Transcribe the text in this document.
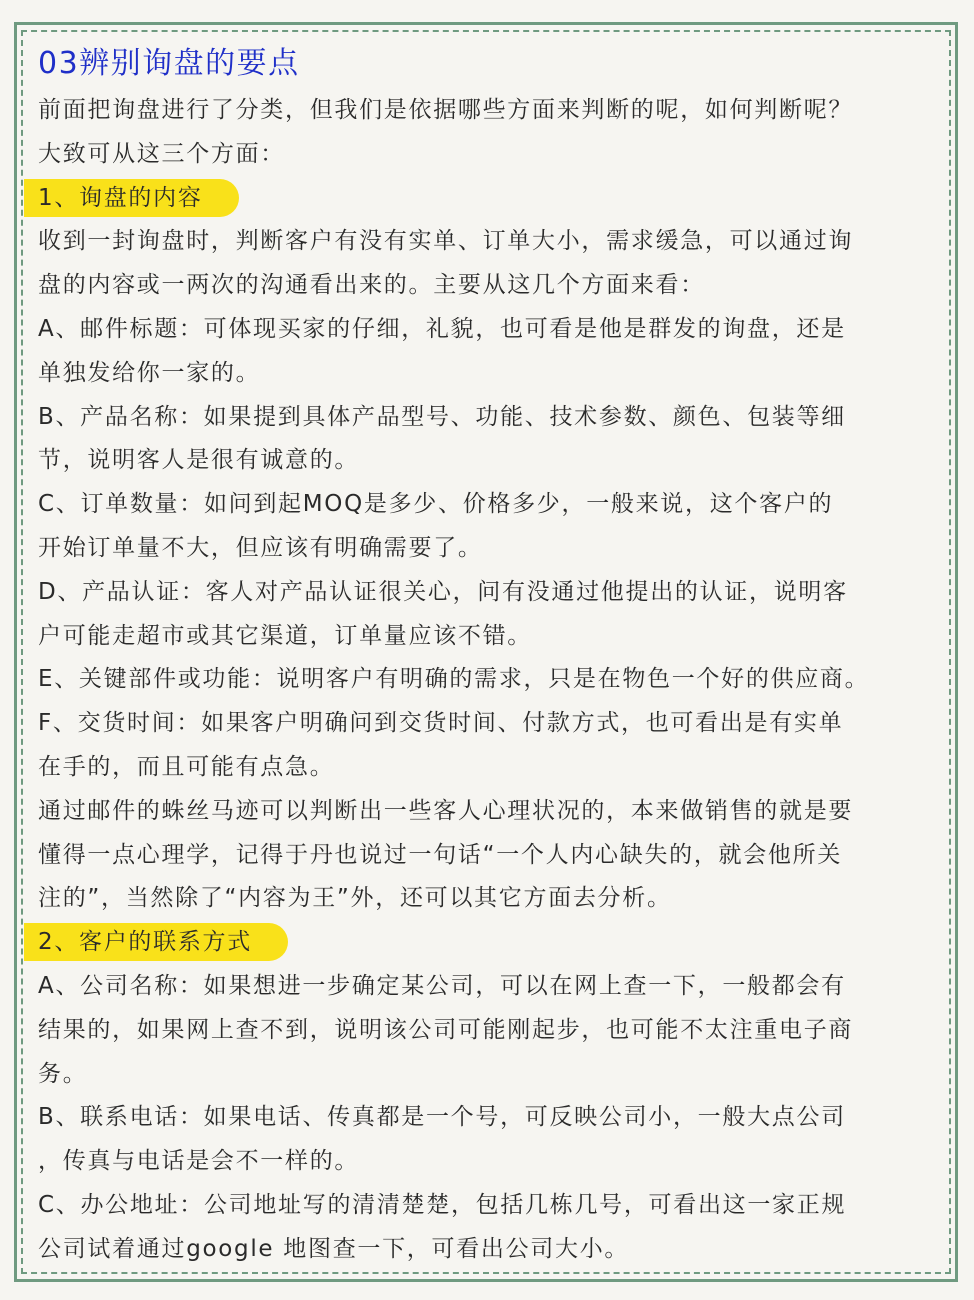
03辨别询盘的要点

前面把询盘进行了分类，但我们是依据哪些方面来判断的呢，如何判断呢？

大致可从这三个方面：

1、询盘的内容

收到一封询盘时，判断客户有没有实单、订单大小，需求缓急，可以通过询

盘的内容或一两次的沟通看出来的。主要从这几个方面来看：

A、邮件标题：可体现买家的仔细，礼貌，也可看是他是群发的询盘，还是

单独发给你一家的。

B、产品名称：如果提到具体产品型号、功能、技术参数、颜色、包装等细

节，说明客人是很有诚意的。

C、订单数量：如问到起MOQ是多少、价格多少，一般来说，这个客户的

开始订单量不大，但应该有明确需要了。

D、产品认证：客人对产品认证很关心，问有没通过他提出的认证，说明客

户可能走超市或其它渠道，订单量应该不错。

E、关键部件或功能：说明客户有明确的需求，只是在物色一个好的供应商。

F、交货时间：如果客户明确问到交货时间、付款方式，也可看出是有实单

在手的，而且可能有点急。

通过邮件的蛛丝马迹可以判断出一些客人心理状况的，本来做销售的就是要

懂得一点心理学，记得于丹也说过一句话“一个人内心缺失的，就会他所关

注的”，当然除了“内容为王”外，还可以其它方面去分析。

2、客户的联系方式

A、公司名称：如果想进一步确定某公司，可以在网上查一下，一般都会有

结果的，如果网上查不到，说明该公司可能刚起步，也可能不太注重电子商

务。

B、联系电话：如果电话、传真都是一个号，可反映公司小，一般大点公司

，传真与电话是会不一样的。

C、办公地址：公司地址写的清清楚楚，包括几栋几号，可看出这一家正规

公司试着通过google 地图查一下，可看出公司大小。
